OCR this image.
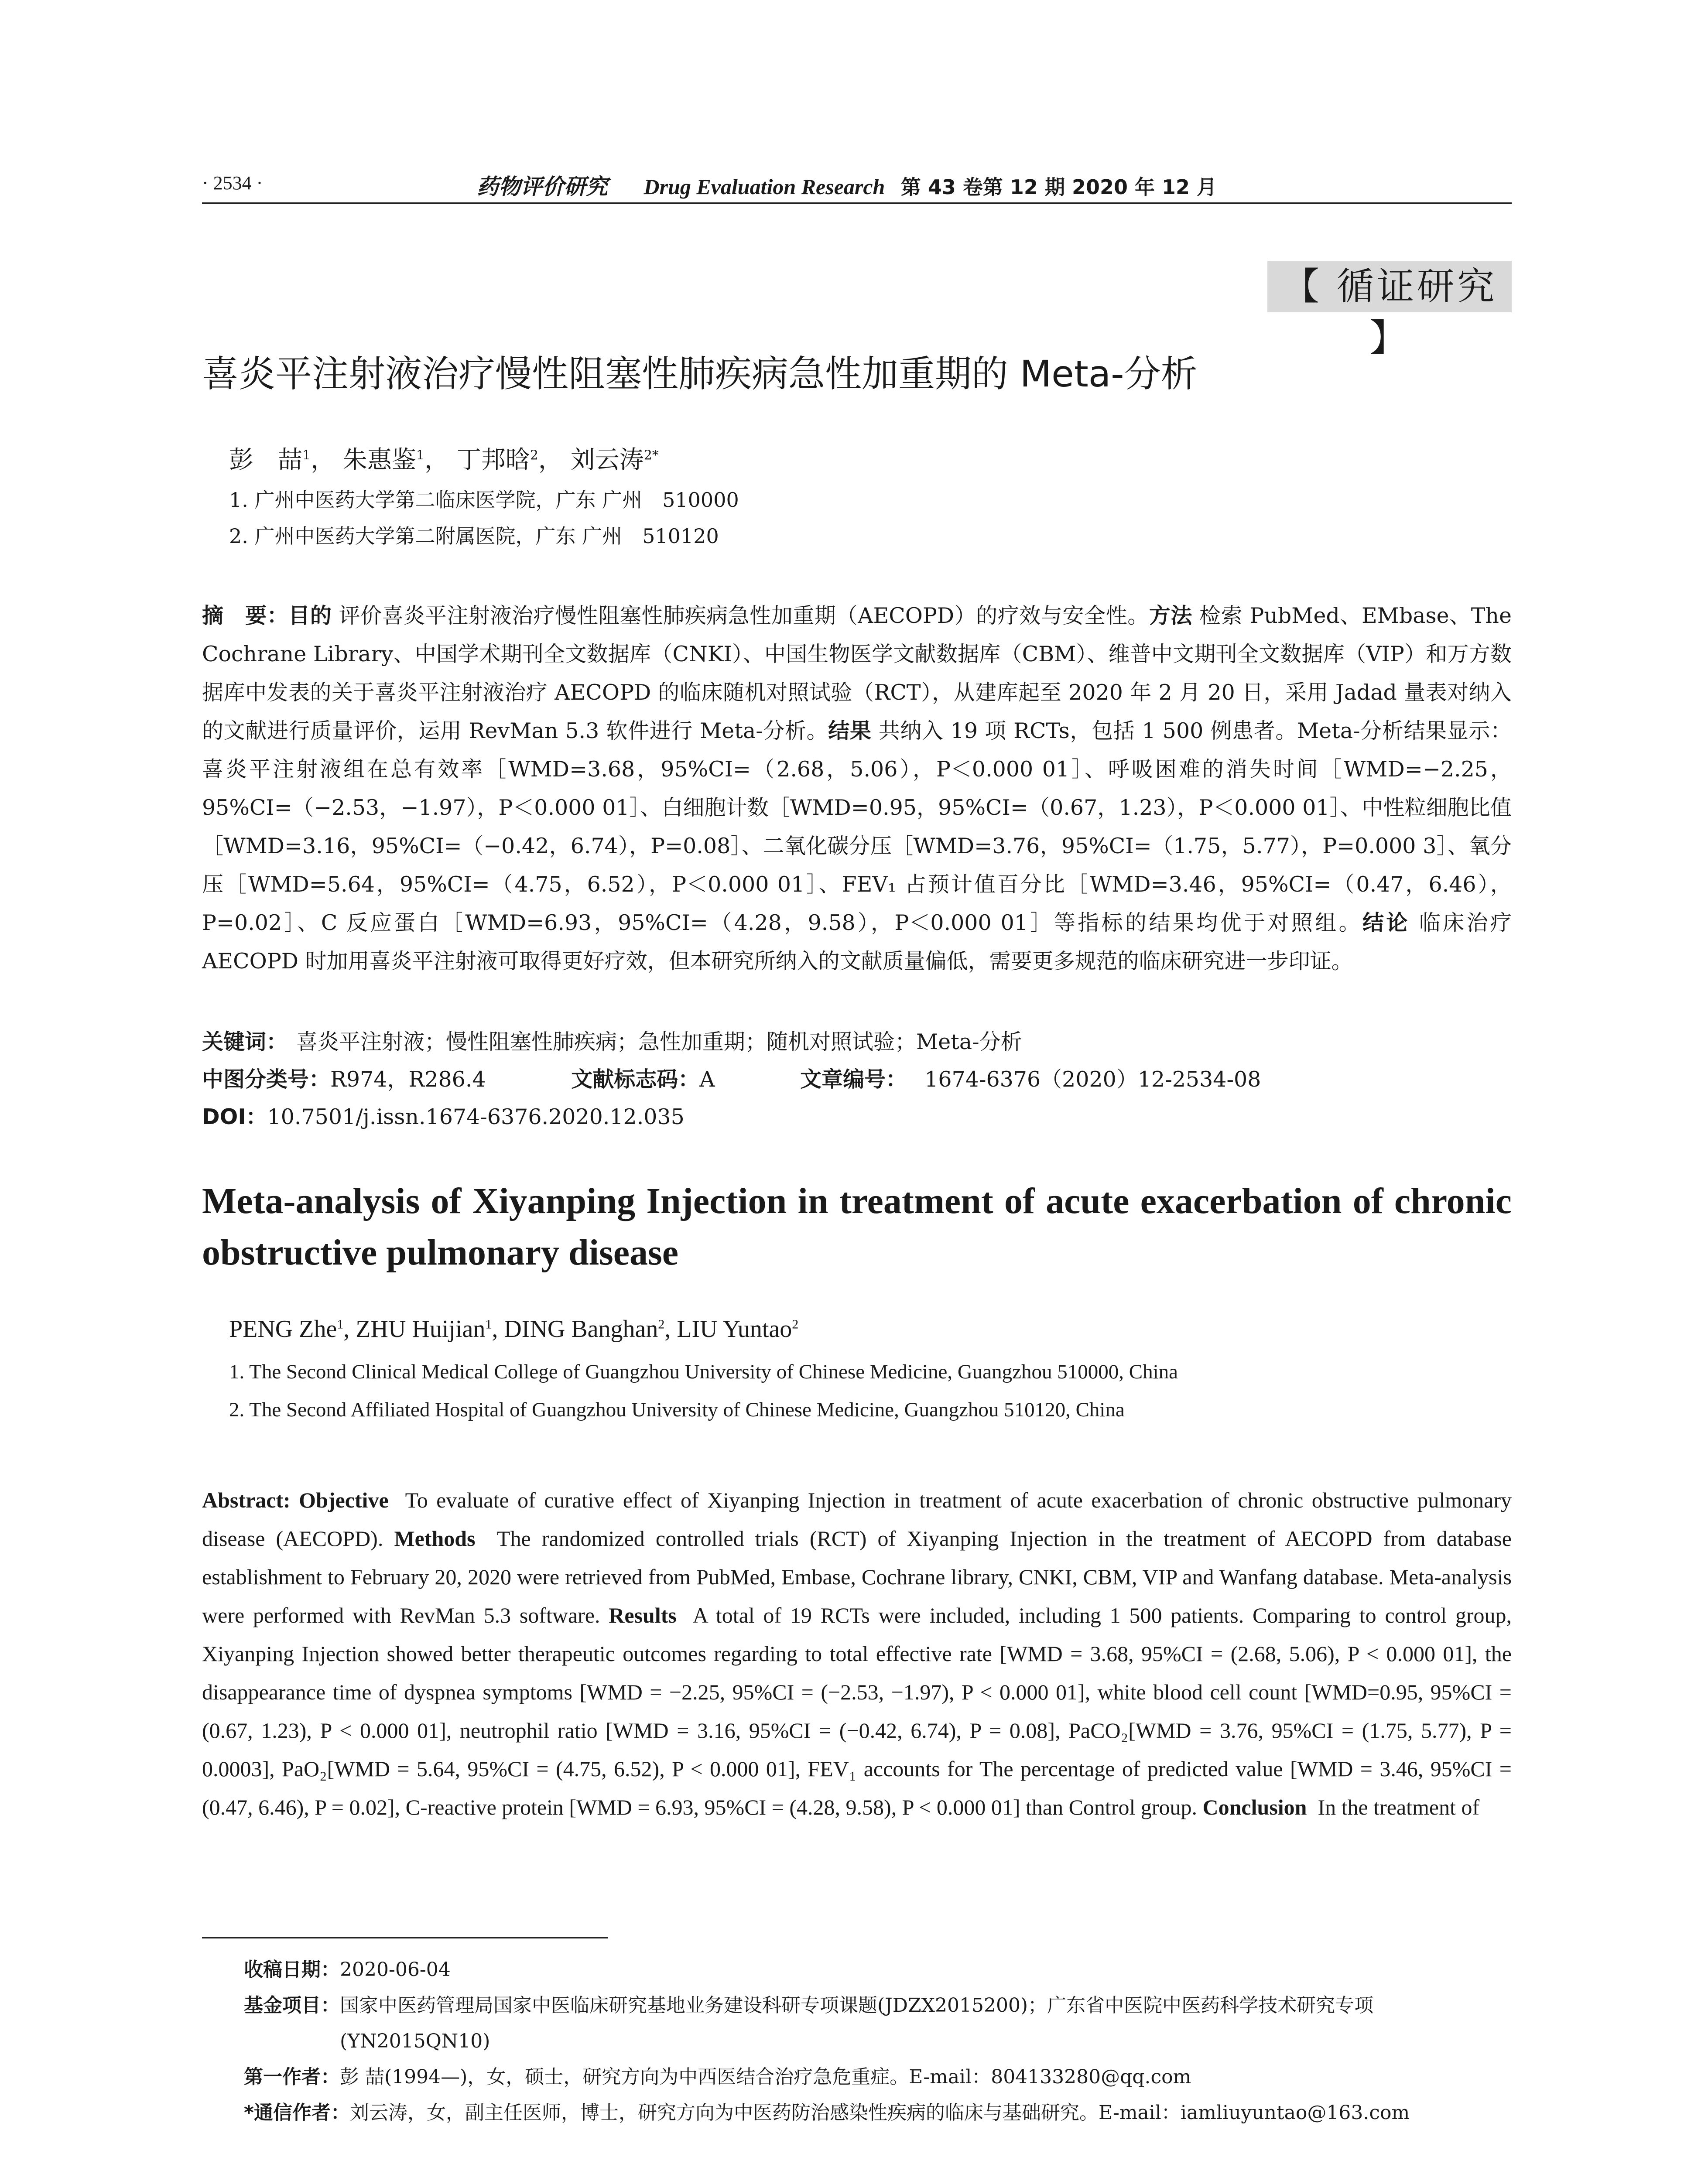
· 2534 ·	药物评价研究 Drug Evaluation Research 第 43 卷第 12 期 2020 年 12 月
【 循证研究 】
喜炎平注射液治疗慢性阻塞性肺疾病急性加重期的 Meta-分析
彭　喆$^1$， 朱惠鉴$^1$， 丁邦晗$^2$， 刘云涛$^{2*}$
1. 广州中医药大学第二临床医学院，广东 广州　510000
2. 广州中医药大学第二附属医院，广东 广州　510120
摘　要：目的 评价喜炎平注射液治疗慢性阻塞性肺疾病急性加重期（AECOPD）的疗效与安全性。方法 检索 PubMed、EMbase、The Cochrane Library、中国学术期刊全文数据库（CNKI）、中国生物医学文献数据库（CBM）、维普中文期刊全文数据库（VIP）和万方数据库中发表的关于喜炎平注射液治疗 AECOPD 的临床随机对照试验（RCT），从建库起至 2020 年 2 月 20 日，采用 Jadad 量表对纳入的文献进行质量评价，运用 RevMan 5.3 软件进行 Meta-分析。结果 共纳入 19 项 RCTs，包括 1 500 例患者。Meta-分析结果显示：喜炎平注射液组在总有效率［WMD=3.68，95%CI=（2.68，5.06），P＜0.000 01］、呼吸困难的消失时间［WMD=−2.25，95%CI=（−2.53，−1.97），P＜0.000 01］、白细胞计数［WMD=0.95，95%CI=（0.67，1.23），P＜0.000 01］、中性粒细胞比值［WMD=3.16，95%CI=（−0.42，6.74），P=0.08］、二氧化碳分压［WMD=3.76，95%CI=（1.75，5.77），P=0.000 3］、氧分压［WMD=5.64，95%CI=（4.75，6.52），P＜0.000 01］、FEV₁ 占预计值百分比［WMD=3.46，95%CI=（0.47，6.46），P=0.02］、C 反应蛋白［WMD=6.93，95%CI=（4.28，9.58），P＜0.000 01］等指标的结果均优于对照组。结论 临床治疗 AECOPD 时加用喜炎平注射液可取得更好疗效，但本研究所纳入的文献质量偏低，需要更多规范的临床研究进一步印证。
关键词： 喜炎平注射液；慢性阻塞性肺疾病；急性加重期；随机对照试验；Meta-分析
中图分类号：R974，R286.4	文献标志码：A	文章编号： 1674-6376（2020）12-2534-08
DOI：10.7501/j.issn.1674-6376.2020.12.035
Meta-analysis of Xiyanping Injection in treatment of acute exacerbation of chronic obstructive pulmonary disease
PENG Zhe$^1$, ZHU Huijian$^1$, DING Banghan$^2$, LIU Yuntao$^2$
1. The Second Clinical Medical College of Guangzhou University of Chinese Medicine, Guangzhou 510000, China
2. The Second Affiliated Hospital of Guangzhou University of Chinese Medicine, Guangzhou 510120, China
Abstract: Objective To evaluate of curative effect of Xiyanping Injection in treatment of acute exacerbation of chronic obstructive pulmonary disease (AECOPD). Methods The randomized controlled trials (RCT) of Xiyanping Injection in the treatment of AECOPD from database establishment to February 20, 2020 were retrieved from PubMed, Embase, Cochrane library, CNKI, CBM, VIP and Wanfang database. Meta-analysis were performed with RevMan 5.3 software. Results A total of 19 RCTs were included, including 1 500 patients. Comparing to control group, Xiyanping Injection showed better therapeutic outcomes regarding to total effective rate [WMD = 3.68, 95%CI = (2.68, 5.06), P < 0.000 01], the disappearance time of dyspnea symptoms [WMD = −2.25, 95%CI = (−2.53, −1.97), P < 0.000 01], white blood cell count [WMD=0.95, 95%CI = (0.67, 1.23), P < 0.000 01], neutrophil ratio [WMD = 3.16, 95%CI = (−0.42, 6.74), P = 0.08], PaCO₂[WMD = 3.76, 95%CI = (1.75, 5.77), P = 0.0003], PaO₂[WMD = 5.64, 95%CI = (4.75, 6.52), P < 0.000 01], FEV₁ accounts for The percentage of predicted value [WMD = 3.46, 95%CI = (0.47, 6.46), P = 0.02], C-reactive protein [WMD = 6.93, 95%CI = (4.28, 9.58), P < 0.000 01] than Control group. Conclusion In the treatment of
收稿日期： 2020-06-04
基金项目： 国家中医药管理局国家中医临床研究基地业务建设科研专项课题(JDZX2015200)；广东省中医院中医药科学技术研究专项(YN2015QN10)
第一作者： 彭 喆(1994—)，女，硕士，研究方向为中西医结合治疗急危重症。E-mail：804133280@qq.com
*通信作者： 刘云涛，女，副主任医师，博士，研究方向为中医药防治感染性疾病的临床与基础研究。E-mail：iamliuyuntao@163.com
